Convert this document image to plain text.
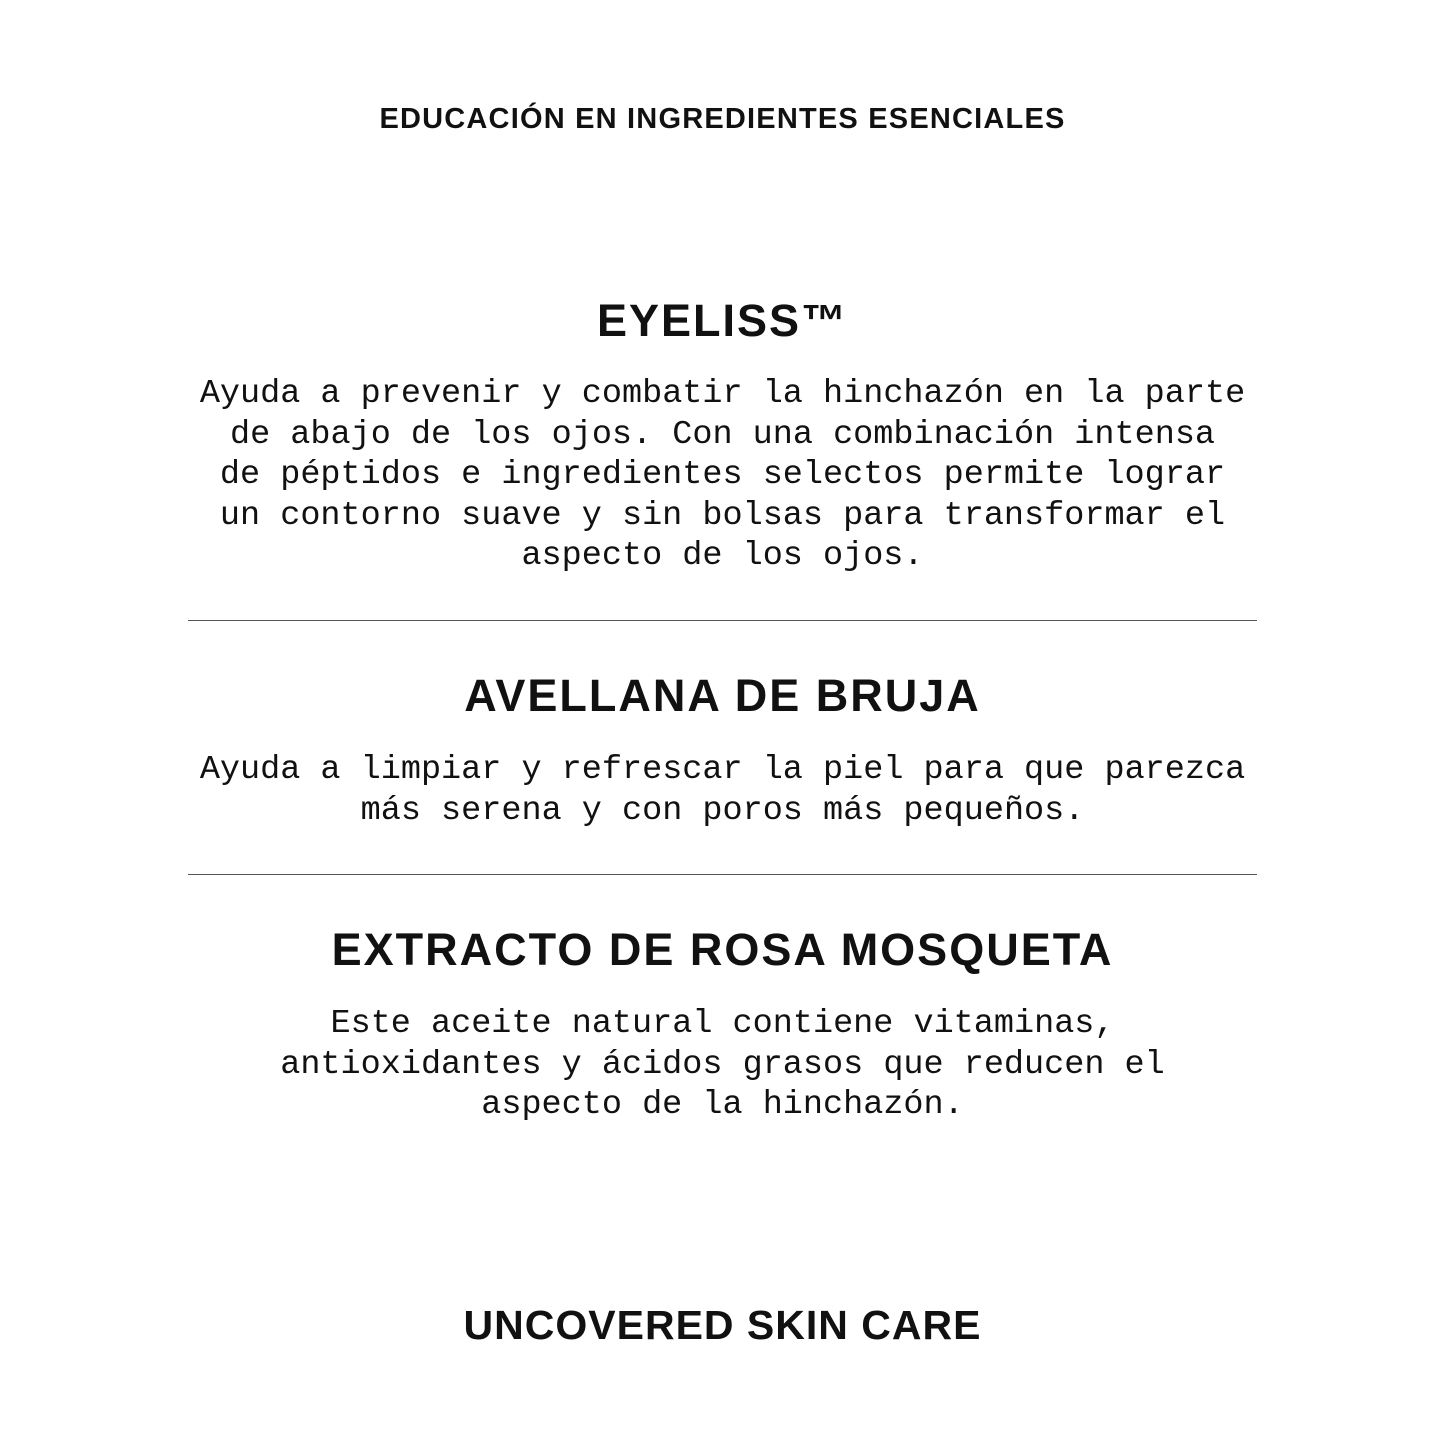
EDUCACIÓN EN INGREDIENTES ESENCIALES
EYELISS™

Ayuda a prevenir y combatir la hinchazón en la parte
de abajo de los ojos. Con una combinación intensa
de péptidos e ingredientes selectos permite lograr
un contorno suave y sin bolsas para transformar el
aspecto de los ojos.

AVELLANA DE BRUJA

Ayuda a limpiar y refrescar la piel para que parezca
más serena y con poros más pequeños.

EXTRACTO DE ROSA MOSQUETA

Este aceite natural contiene vitaminas,
antioxidantes y ácidos grasos que reducen el
aspecto de la hinchazón.

UNCOVERED SKIN CARE
